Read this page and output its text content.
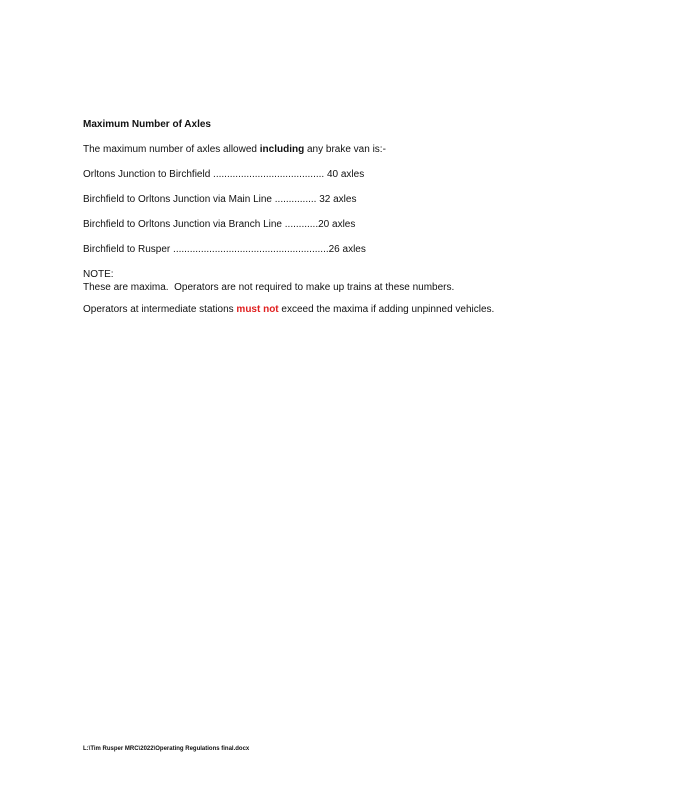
Maximum Number of Axles
The maximum number of axles allowed including any brake van is:-
Orltons Junction to Birchfield ........................................ 40 axles
Birchfield to Orltons Junction via Main Line ............... 32 axles
Birchfield to Orltons Junction via Branch Line ............20 axles
Birchfield to Rusper ........................................................26 axles
NOTE:
These are maxima.  Operators are not required to make up trains at these numbers.
Operators at intermediate stations must not exceed the maxima if adding unpinned vehicles.
L:\Tim Rusper MRC\2022\Operating Regulations final.docx
